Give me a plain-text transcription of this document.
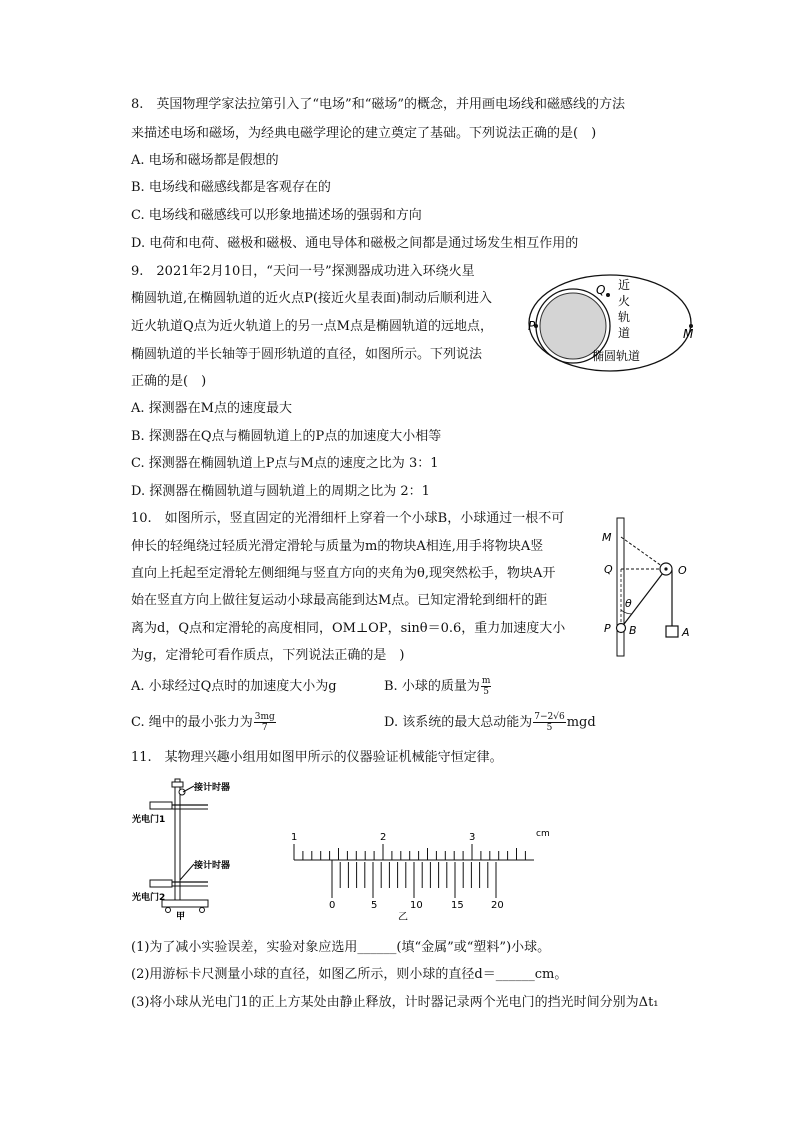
8.　英国物理学家法拉第引入了“电场”和“磁场”的概念，并用画电场线和磁感线的方法
来描述电场和磁场，为经典电磁学理论的建立奠定了基础。下列说法正确的是(　)
A. 电场和磁场都是假想的
B. 电场线和磁感线都是客观存在的
C. 电场线和磁感线可以形象地描述场的强弱和方向
D. 电荷和电荷、磁极和磁极、通电导体和磁极之间都是通过场发生相互作用的
9.　2021年2月10日，“天问一号”探测器成功进入环绕火星
椭圆轨道,在椭圆轨道的近火点P(接近火星表面)制动后顺利进入
近火轨道Q点为近火轨道上的另一点M点是椭圆轨道的远地点，
椭圆轨道的半长轴等于圆形轨道的直径，如图所示。下列说法
正确的是(　)
A. 探测器在M点的速度最大
B. 探测器在Q点与椭圆轨道上的P点的加速度大小相等
C. 探测器在椭圆轨道上P点与M点的速度之比为 3：1
D. 探测器在椭圆轨道与圆轨道上的周期之比为 2：1
Q
P
M
近
火
轨
道
椭圆轨道
10.　如图所示，竖直固定的光滑细杆上穿着一个小球B，小球通过一根不可
伸长的轻绳绕过轻质光滑定滑轮与质量为m的物块A相连,用手将物块A竖
直向上托起至定滑轮左侧细绳与竖直方向的夹角为θ,现突然松手，物块A开
始在竖直方向上做往复运动小球最高能到达M点。已知定滑轮到细杆的距
离为d，Q点和定滑轮的高度相同，OM⊥OP，sinθ＝0.6，重力加速度大小
为g，定滑轮可看作质点，下列说法正确的是　)
A. 小球经过Q点时的加速度大小为g	B. 小球的质量为 $\frac{m}{5}$
C. 绳中的最小张力为 $\frac{3mg}{7}$	D. 该系统的最大总动能为 $\frac{7-2√6}{5}$ mgd
M
Q	O
θ
P B	A
11.　某物理兴趣小组用如图甲所示的仪器验证机械能守恒定律。
接计时器
光电门1
接计时器
光电门2
甲
1	2	3	cm
0	5	10	15	20
乙
(1)为了减小实验误差，实验对象应选用______(填“金属”或“塑料”)小球。
(2)用游标卡尺测量小球的直径，如图乙所示，则小球的直径d＝______cm。
(3)将小球从光电门1的正上方某处由静止释放，计时器记录两个光电门的挡光时间分别为Δt₁
